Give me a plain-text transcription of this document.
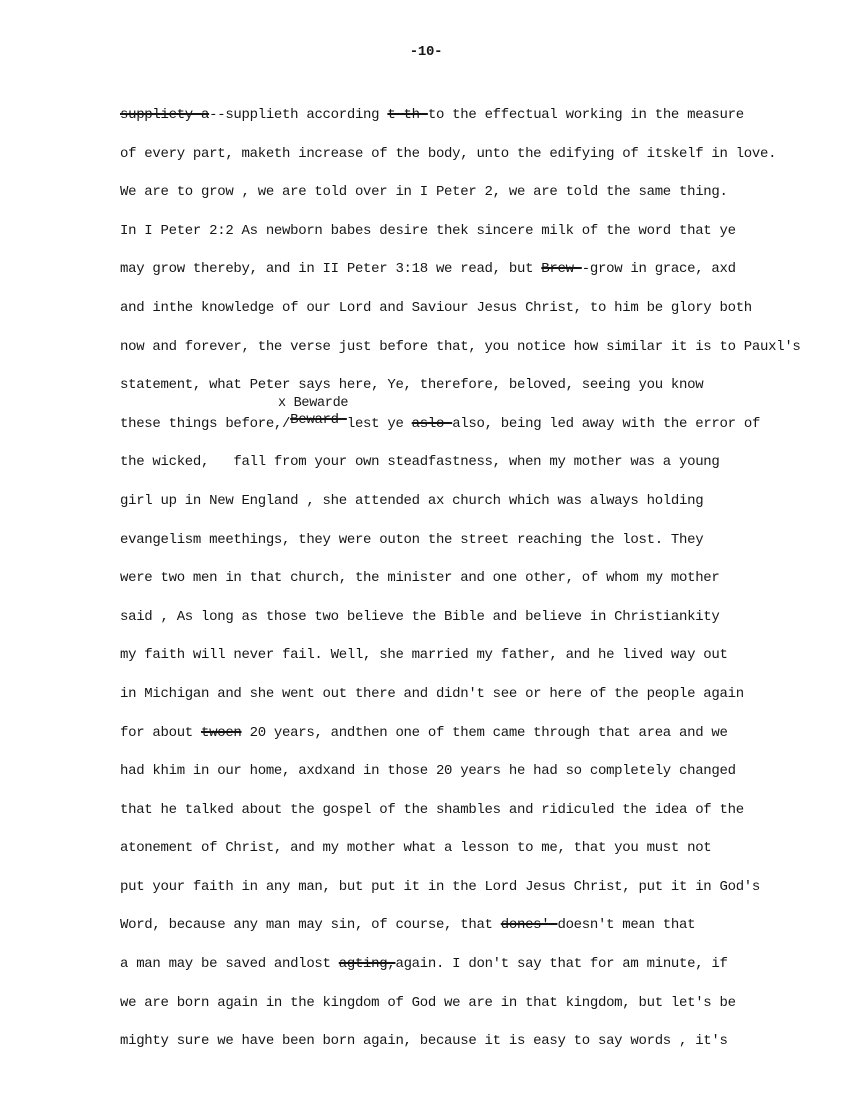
-10-
suppliety a--supplieth according t-th-to the effectual working in the measure
of every part, maketh increase of the body, unto the edifying of itskelf in love.
We are to grow , we are told over in I Peter 2, we are told the same thing.
In I Peter 2:2 As newborn babes desire thek sincere milk of the word that ye
may grow thereby, and in II Peter 3:18 we read, but Brew--grow in grace, axd
and inthe knowledge of our Lord and Saviour Jesus Christ, to him be glory both
now and forever, the verse just before that, you notice how similar it is to Pauxl's
statement, what Peter says here, Ye, therefore, beloved, seeing you know
x Bewarde
these things before,/Beward-lest ye aslo-also, being led away with the error of
the wicked,   fall from your own steadfastness, when my mother was a young
girl up in New England , she attended ax church which was always holding
evangelism meethings, they were outon the street reaching the lost. They
were two men in that church, the minister and one other, of whom my mother
said , As long as those two believe the Bible and believe in Christiankity
my faith will never fail. Well, she married my father, and he lived way out
in Michigan and she went out there and didn't see or here of the people again
for about twoen 20 years, andthen one of them came through that area and we
had khim in our home, axdxand in those 20 years he had so completely changed
that he talked about the gospel of the shambles and ridiculed the idea of the
atonement of Christ, and my mother what a lesson to me, that you must not
put your faith in any man, but put it in the Lord Jesus Christ, put it in God's
Word, because any man may sin, of course, that dones'-doesn't mean that
a man may be saved andlost agting,again. I don't say that for am minute, if
we are born again in the kingdom of God we are in that kingdom, but let's be
mighty sure we have been born again, because it is easy to say words , it's
